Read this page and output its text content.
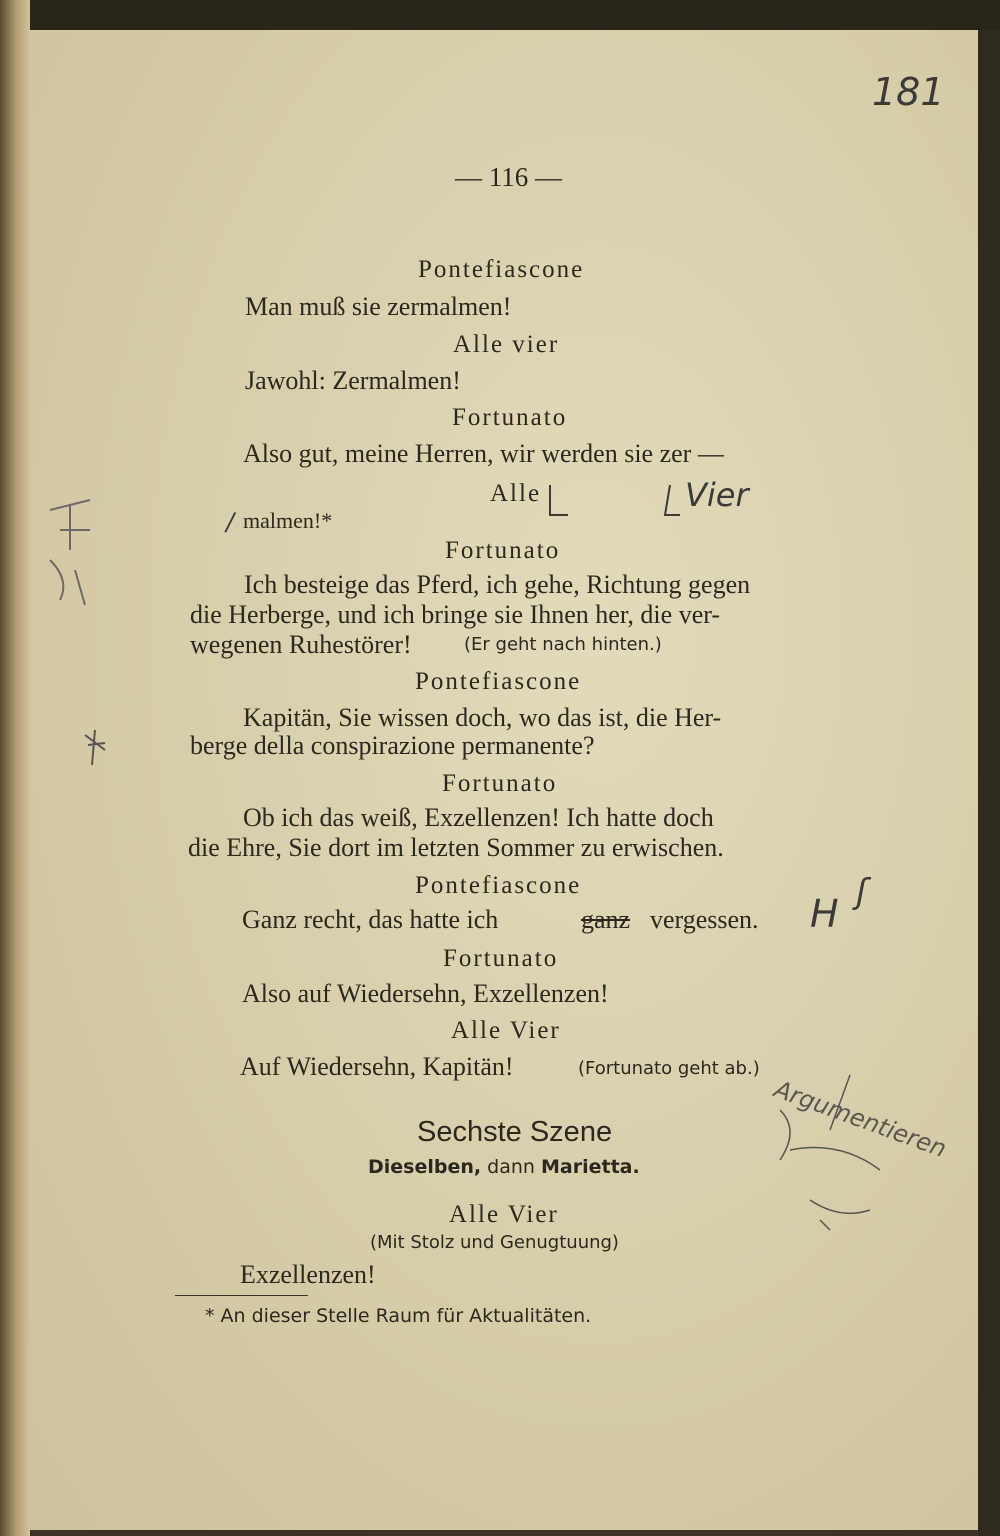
181
— 116 —
Pontefiascone
Man muß sie zermalmen!
Alle vier
Jawohl: Zermalmen!
Fortunato
Also gut, meine Herren, wir werden sie zer —
Alle
malmen!*
/
Vier
Fortunato
Ich besteige das Pferd, ich gehe, Richtung gegen
die Herberge, und ich bringe sie Ihnen her, die ver-
wegenen Ruhestörer!	(Er geht nach hinten.)
Pontefiascone
Kapitän, Sie wissen doch, wo das ist, die Her-
berge della conspirazione permanente?
Fortunato
Ob ich das weiß, Exzellenzen! Ich hatte doch
die Ehre, Sie dort im letzten Sommer zu erwischen.
Pontefiascone
Ganz recht, das hatte ich	ganz vergessen. H ʃ
Fortunato
Also auf Wiedersehn, Exzellenzen!
Alle Vier
Auf Wiedersehn, Kapitän!	(Fortunato geht ab.)
Sechste Szene
Dieselben, dann Marietta.
Alle Vier
(Mit Stolz und Genugtuung)
Exzellenzen!
Argumentieren
* An dieser Stelle Raum für Aktualitäten.
